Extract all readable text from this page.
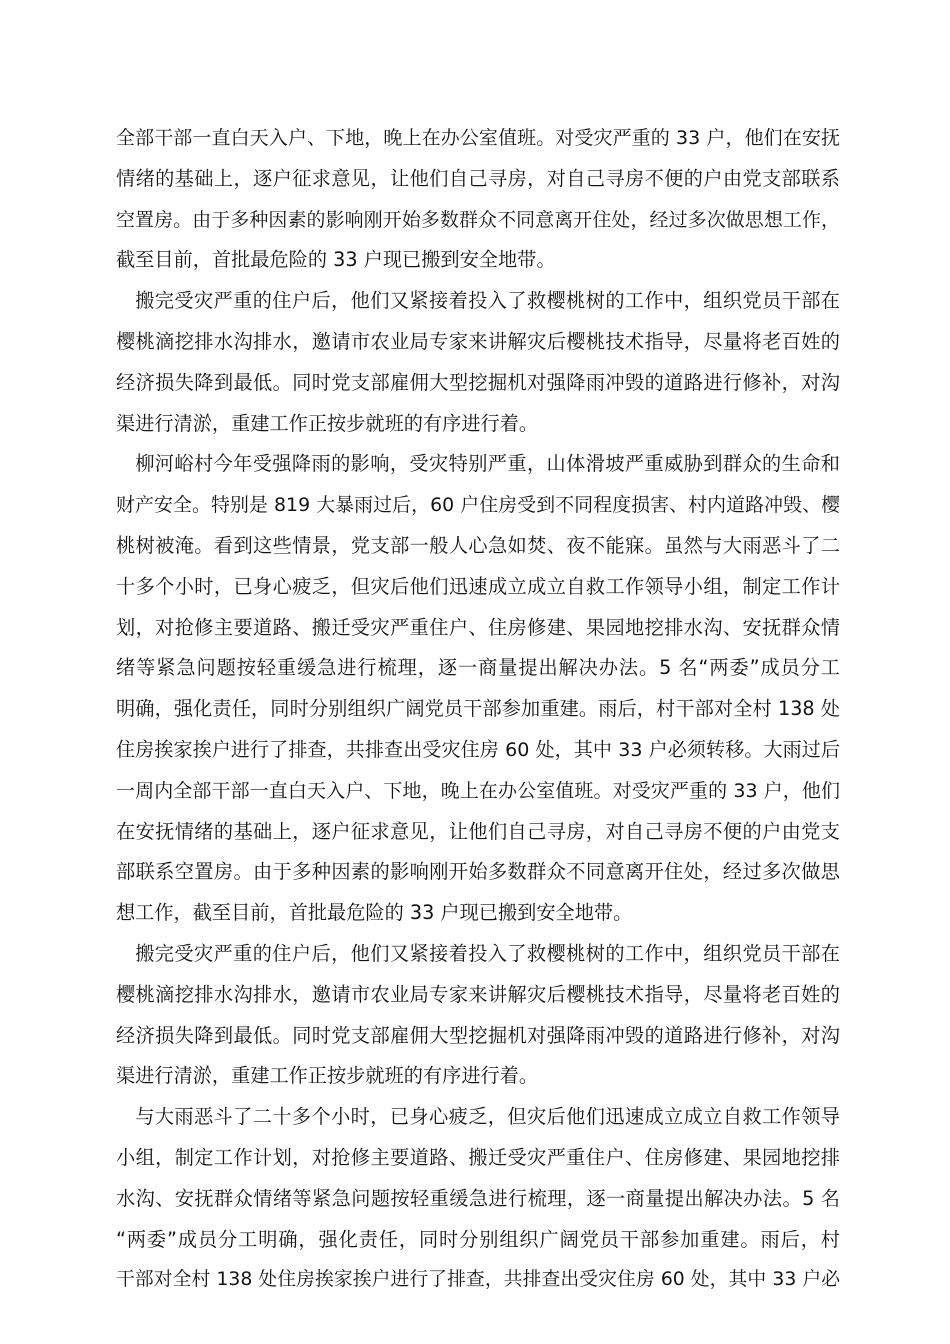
全部干部一直白天入户、下地，晚上在办公室值班。对受灾严重的 33 户，他们在安抚
情绪的基础上，逐户征求意见，让他们自己寻房，对自己寻房不便的户由党支部联系
空置房。由于多种因素的影响刚开始多数群众不同意离开住处，经过多次做思想工作，
截至目前，首批最危险的 33 户现已搬到安全地带。

搬完受灾严重的住户后，他们又紧接着投入了救樱桃树的工作中，组织党员干部在
樱桃滴挖排水沟排水，邀请市农业局专家来讲解灾后樱桃技术指导，尽量将老百姓的
经济损失降到最低。同时党支部雇佣大型挖掘机对强降雨冲毁的道路进行修补，对沟
渠进行清淤，重建工作正按步就班的有序进行着。

柳河峪村今年受强降雨的影响，受灾特别严重，山体滑坡严重威胁到群众的生命和
财产安全。特别是 819 大暴雨过后，60 户住房受到不同程度损害、村内道路冲毁、樱
桃树被淹。看到这些情景，党支部一般人心急如焚、夜不能寐。虽然与大雨恶斗了二
十多个小时，已身心疲乏，但灾后他们迅速成立成立自救工作领导小组，制定工作计
划，对抢修主要道路、搬迁受灾严重住户、住房修建、果园地挖排水沟、安抚群众情
绪等紧急问题按轻重缓急进行梳理，逐一商量提出解决办法。5 名“两委”成员分工
明确，强化责任，同时分别组织广阔党员干部参加重建。雨后，村干部对全村 138 处
住房挨家挨户进行了排查，共排查出受灾住房 60 处，其中 33 户必须转移。大雨过后
一周内全部干部一直白天入户、下地，晚上在办公室值班。对受灾严重的 33 户，他们
在安抚情绪的基础上，逐户征求意见，让他们自己寻房，对自己寻房不便的户由党支
部联系空置房。由于多种因素的影响刚开始多数群众不同意离开住处，经过多次做思
想工作，截至目前，首批最危险的 33 户现已搬到安全地带。

搬完受灾严重的住户后，他们又紧接着投入了救樱桃树的工作中，组织党员干部在
樱桃滴挖排水沟排水，邀请市农业局专家来讲解灾后樱桃技术指导，尽量将老百姓的
经济损失降到最低。同时党支部雇佣大型挖掘机对强降雨冲毁的道路进行修补，对沟
渠进行清淤，重建工作正按步就班的有序进行着。

与大雨恶斗了二十多个小时，已身心疲乏，但灾后他们迅速成立成立自救工作领导
小组，制定工作计划，对抢修主要道路、搬迁受灾严重住户、住房修建、果园地挖排
水沟、安抚群众情绪等紧急问题按轻重缓急进行梳理，逐一商量提出解决办法。5 名
“两委”成员分工明确，强化责任，同时分别组织广阔党员干部参加重建。雨后，村
干部对全村 138 处住房挨家挨户进行了排查，共排查出受灾住房 60 处，其中 33 户必
